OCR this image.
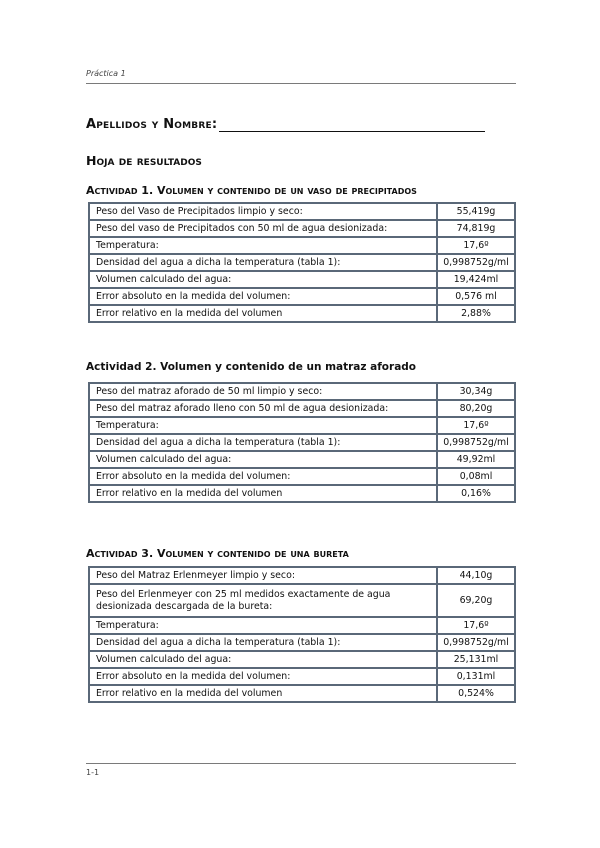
Práctica 1
Apellidos y Nombre:
Hoja de resultados
Actividad 1. Volumen y contenido de un vaso de precipitados
Peso del Vaso de Precipitados limpio y seco:	55,419g
Peso del vaso de Precipitados con 50 ml de agua desionizada:	74,819g
Temperatura:	17,6º
Densidad del agua a dicha la temperatura (tabla 1):	0,998752g/ml
Volumen calculado del agua:	19,424ml
Error absoluto en la medida del volumen:	0,576 ml
Error relativo en la medida del volumen	2,88%
Actividad 2. Volumen y contenido de un matraz aforado
Peso del matraz aforado de 50 ml limpio y seco:	30,34g
Peso del matraz aforado lleno con 50 ml de agua desionizada:	80,20g
Temperatura:	17,6º
Densidad del agua a dicha la temperatura (tabla 1):	0,998752g/ml
Volumen calculado del agua:	49,92ml
Error absoluto en la medida del volumen:	0,08ml
Error relativo en la medida del volumen	0,16%
Actividad 3. Volumen y contenido de una bureta
Peso del Matraz Erlenmeyer limpio y seco:	44,10g
Peso del Erlenmeyer con 25 ml medidos exactamente de agua desionizada descargada de la bureta:	69,20g
Temperatura:	17,6º
Densidad del agua a dicha la temperatura (tabla 1):	0,998752g/ml
Volumen calculado del agua:	25,131ml
Error absoluto en la medida del volumen:	0,131ml
Error relativo en la medida del volumen	0,524%
1-1
